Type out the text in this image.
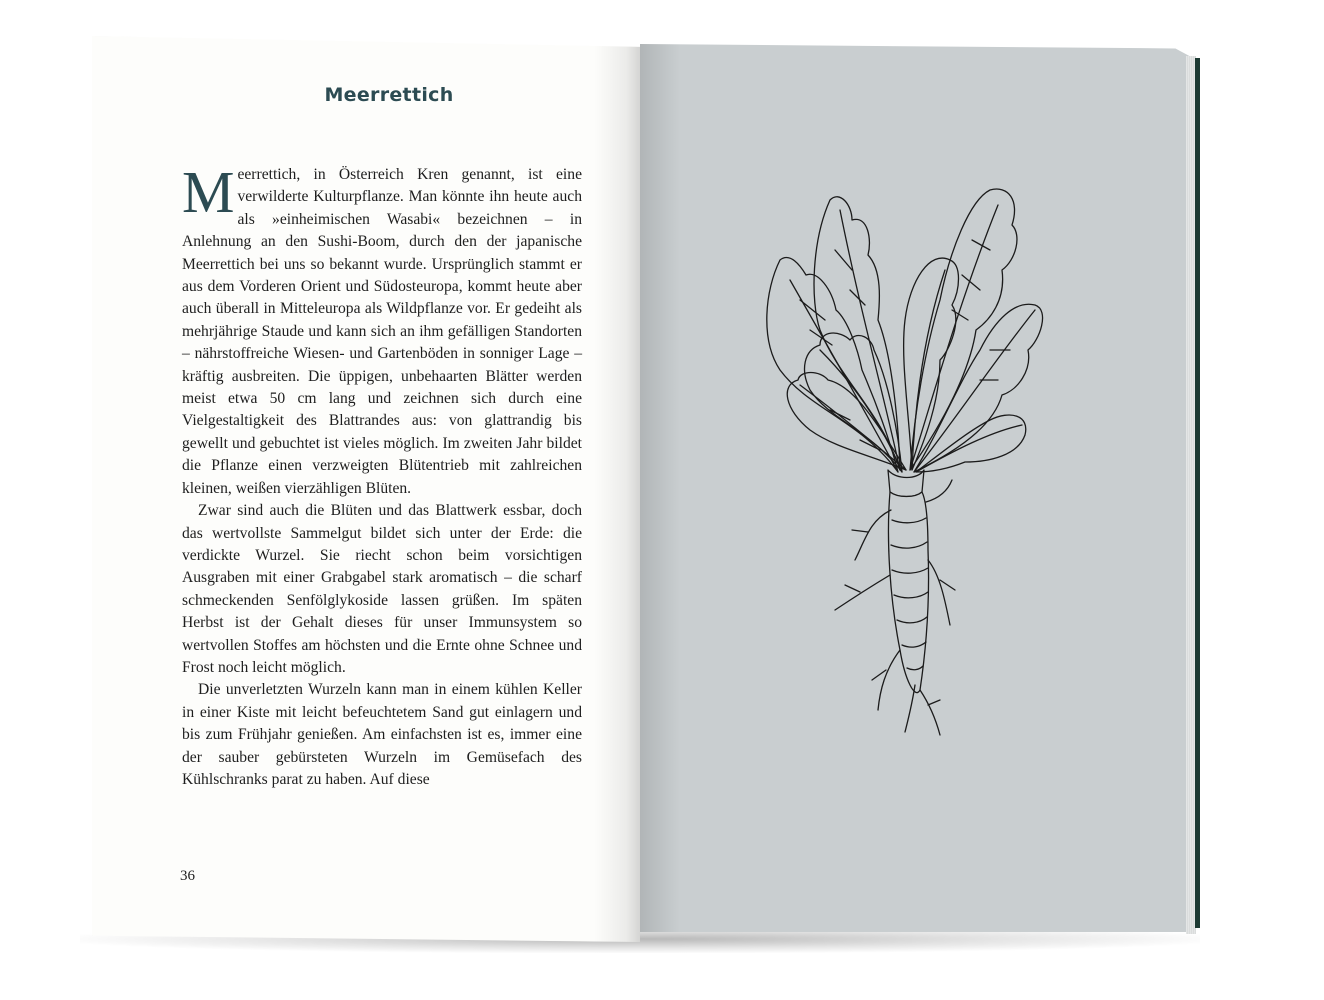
Meerrettich

Meerrettich, in Österreich Kren genannt, ist eine verwilderte Kulturpflanze. Man könnte ihn heute auch als »einheimischen Wasabi« bezeichnen – in Anlehnung an den Sushi-Boom, durch den der japanische Meerrettich bei uns so bekannt wurde. Ursprünglich stammt er aus dem Vorderen Orient und Südosteuropa, kommt heute aber auch überall in Mitteleuropa als Wildpflanze vor. Er gedeiht als mehrjährige Staude und kann sich an ihm gefälligen Standorten – nährstoffreiche Wiesen- und Gartenböden in sonniger Lage – kräftig ausbreiten. Die üppigen, unbehaarten Blätter werden meist etwa 50 cm lang und zeichnen sich durch eine Vielgestaltigkeit des Blattrandes aus: von glattrandig bis gewellt und gebuchtet ist vieles möglich. Im zweiten Jahr bildet die Pflanze einen verzweigten Blütentrieb mit zahlreichen kleinen, weißen vierzähligen Blüten.

Zwar sind auch die Blüten und das Blattwerk essbar, doch das wertvollste Sammelgut bildet sich unter der Erde: die verdickte Wurzel. Sie riecht schon beim vorsichtigen Ausgraben mit einer Grabgabel stark aromatisch – die scharf schmeckenden Senfölglykoside lassen grüßen. Im späten Herbst ist der Gehalt dieses für unser Immunsystem so wertvollen Stoffes am höchsten und die Ernte ohne Schnee und Frost noch leicht möglich.

Die unverletzten Wurzeln kann man in einem kühlen Keller in einer Kiste mit leicht befeuchtetem Sand gut einlagern und bis zum Frühjahr genießen. Am einfachsten ist es, immer eine der sauber gebürsteten Wurzeln im Gemüsefach des Kühlschranks parat zu haben. Auf diese

36
